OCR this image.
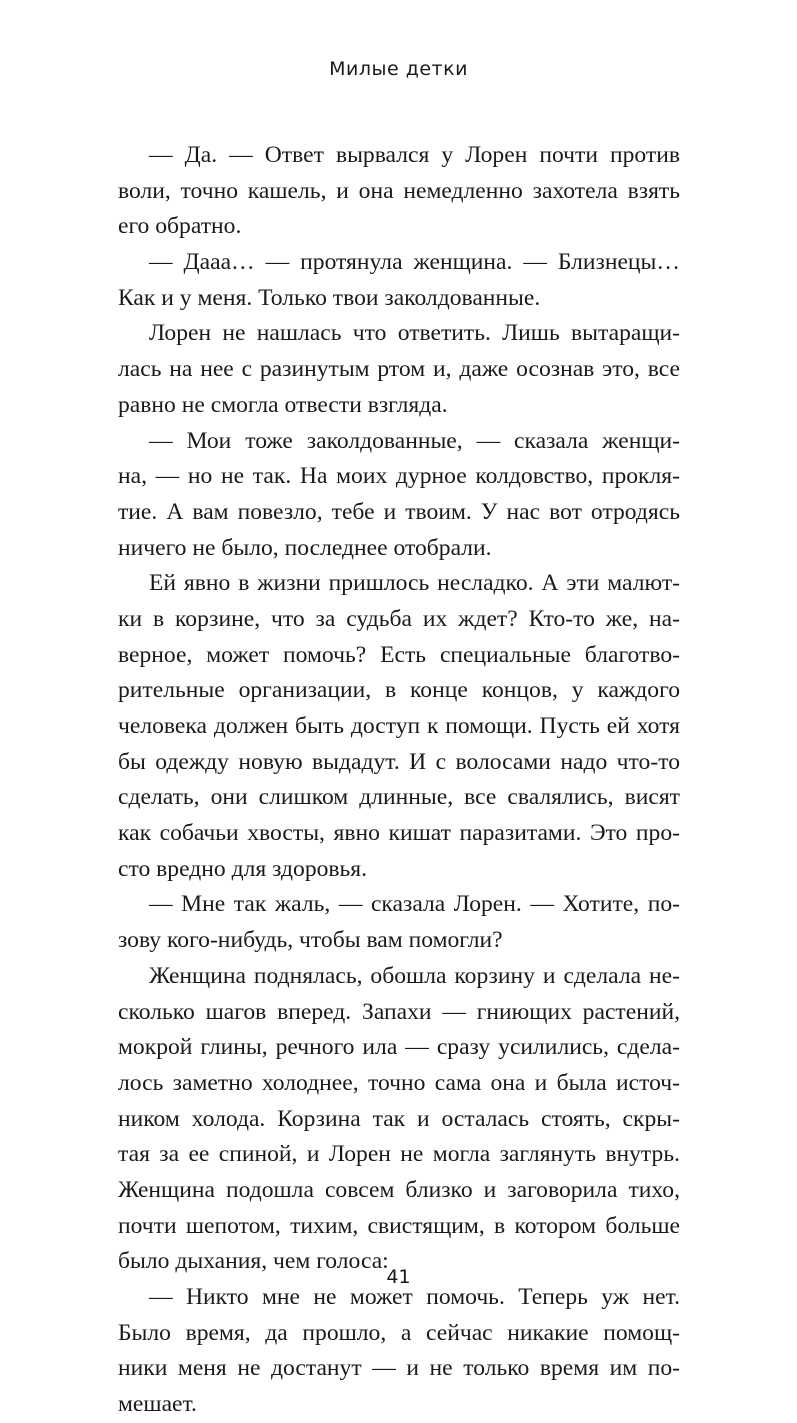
Милые детки
— Да. — Ответ вырвался у Лорен почти против
воли, точно кашель, и она немедленно захотела взять
его обратно.
— Дааа… — протянула женщина. — Близнецы…
Как и у меня. Только твои заколдованные.
Лорен не нашлась что ответить. Лишь вытаращи-
лась на нее с разинутым ртом и, даже осознав это, все
равно не смогла отвести взгляда.
— Мои тоже заколдованные, — сказала женщи-
на, — но не так. На моих дурное колдовство, прокля-
тие. А вам повезло, тебе и твоим. У нас вот отродясь
ничего не было, последнее отобрали.
Ей явно в жизни пришлось несладко. А эти малют-
ки в корзине, что за судьба их ждет? Кто-то же, на-
верное, может помочь? Есть специальные благотво-
рительные организации, в конце концов, у каждого
человека должен быть доступ к помощи. Пусть ей хотя
бы одежду новую выдадут. И с волосами надо что-то
сделать, они слишком длинные, все свалялись, висят
как собачьи хвосты, явно кишат паразитами. Это про-
сто вредно для здоровья.
— Мне так жаль, — сказала Лорен. — Хотите, по-
зову кого-нибудь, чтобы вам помогли?
Женщина поднялась, обошла корзину и сделала не-
сколько шагов вперед. Запахи — гниющих растений,
мокрой глины, речного ила — сразу усилились, сдела-
лось заметно холоднее, точно сама она и была источ-
ником холода. Корзина так и осталась стоять, скры-
тая за ее спиной, и Лорен не могла заглянуть внутрь.
Женщина подошла совсем близко и заговорила тихо,
почти шепотом, тихим, свистящим, в котором больше
было дыхания, чем голоса:
— Никто мне не может помочь. Теперь уж нет.
Было время, да прошло, а сейчас никакие помощ-
ники меня не достанут — и не только время им по-
мешает.
41
